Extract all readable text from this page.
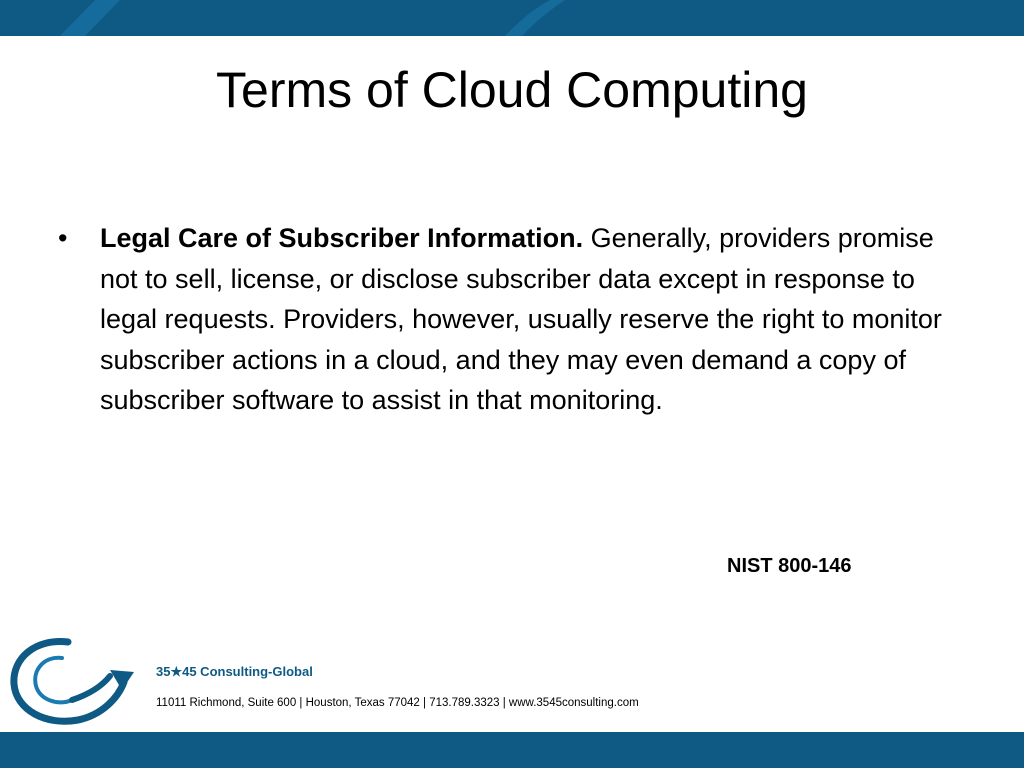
Terms of Cloud Computing
• Legal Care of Subscriber Information. Generally, providers promise not to sell, license, or disclose subscriber data except in response to legal requests. Providers, however, usually reserve the right to monitor subscriber actions in a cloud, and they may even demand a copy of subscriber software to assist in that monitoring.
NIST 800-146
35★45 Consulting-Global
11011 Richmond, Suite 600 | Houston, Texas 77042 | 713.789.3323 | www.3545consulting.com
